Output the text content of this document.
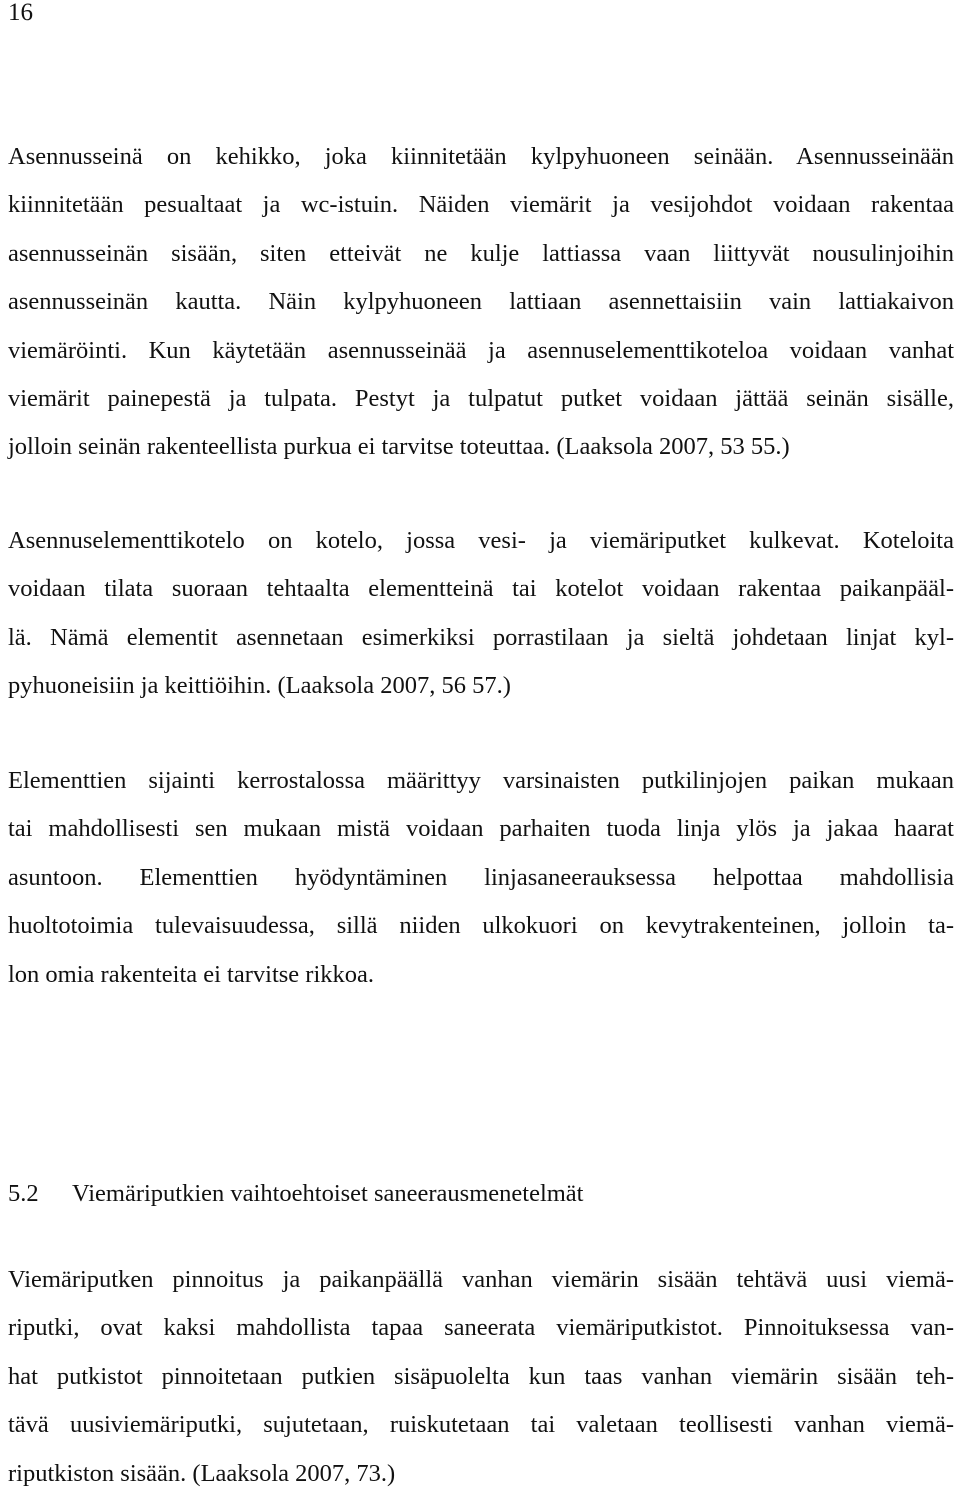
16
Asennusseinä on kehikko, joka kiinnitetään kylpyhuoneen seinään. Asennusseinään
kiinnitetään pesualtaat ja wc-istuin. Näiden viemärit ja vesijohdot voidaan rakentaa
asennusseinän sisään, siten etteivät ne kulje lattiassa vaan liittyvät nousulinjoihin
asennusseinän kautta. Näin kylpyhuoneen lattiaan asennettaisiin vain lattiakaivon
viemäröinti. Kun käytetään asennusseinää ja asennuselementtikoteloa voidaan vanhat
viemärit painepestä ja tulpata. Pestyt ja tulpatut putket voidaan jättää seinän sisälle,
jolloin seinän rakenteellista purkua ei tarvitse toteuttaa. (Laaksola 2007, 53 55.)
Asennuselementtikotelo on kotelo, jossa vesi- ja viemäriputket kulkevat. Koteloita
voidaan tilata suoraan tehtaalta elementteinä tai kotelot voidaan rakentaa paikanpääl-
lä. Nämä elementit asennetaan esimerkiksi porrastilaan ja sieltä johdetaan linjat kyl-
pyhuoneisiin ja keittiöihin. (Laaksola 2007, 56 57.)
Elementtien sijainti kerrostalossa määrittyy varsinaisten putkilinjojen paikan mukaan
tai mahdollisesti sen mukaan mistä voidaan parhaiten tuoda linja ylös ja jakaa haarat
asuntoon. Elementtien hyödyntäminen linjasaneerauksessa helpottaa mahdollisia
huoltotoimia tulevaisuudessa, sillä niiden ulkokuori on kevytrakenteinen, jolloin ta-
lon omia rakenteita ei tarvitse rikkoa.
5.2 Viemäriputkien vaihtoehtoiset saneerausmenetelmät
Viemäriputken pinnoitus ja paikanpäällä vanhan viemärin sisään tehtävä uusi viemä-
riputki, ovat kaksi mahdollista tapaa saneerata viemäriputkistot. Pinnoituksessa van-
hat putkistot pinnoitetaan putkien sisäpuolelta kun taas vanhan viemärin sisään teh-
tävä uusiviemäriputki, sujutetaan, ruiskutetaan tai valetaan teollisesti vanhan viemä-
riputkiston sisään. (Laaksola 2007, 73.)
